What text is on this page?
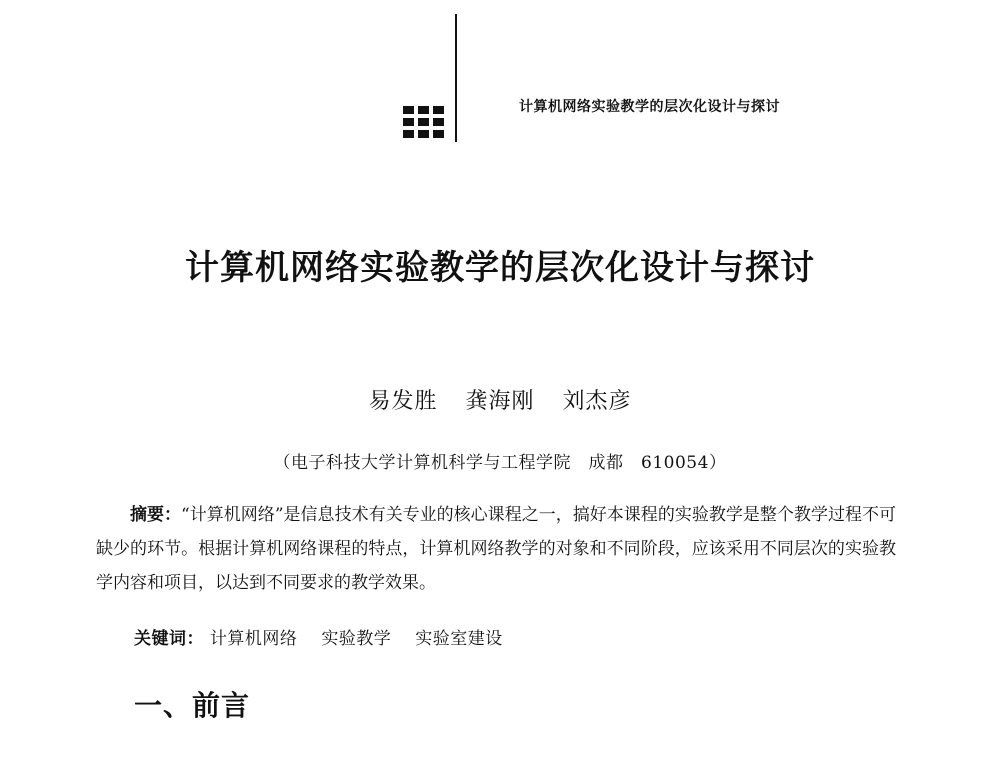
计算机网络实验教学的层次化设计与探讨
计算机网络实验教学的层次化设计与探讨
易发胜 龚海刚 刘杰彦
（电子科技大学计算机科学与工程学院　成都　610054）

摘要：“计算机网络”是信息技术有关专业的核心课程之一，搞好本课程的实验教学是整个教学过程不可缺少的环节。根据计算机网络课程的特点，计算机网络教学的对象和不同阶段，应该采用不同层次的实验教学内容和项目，以达到不同要求的教学效果。

关键词： 计算机网络 实验教学 实验室建设
一、前言
